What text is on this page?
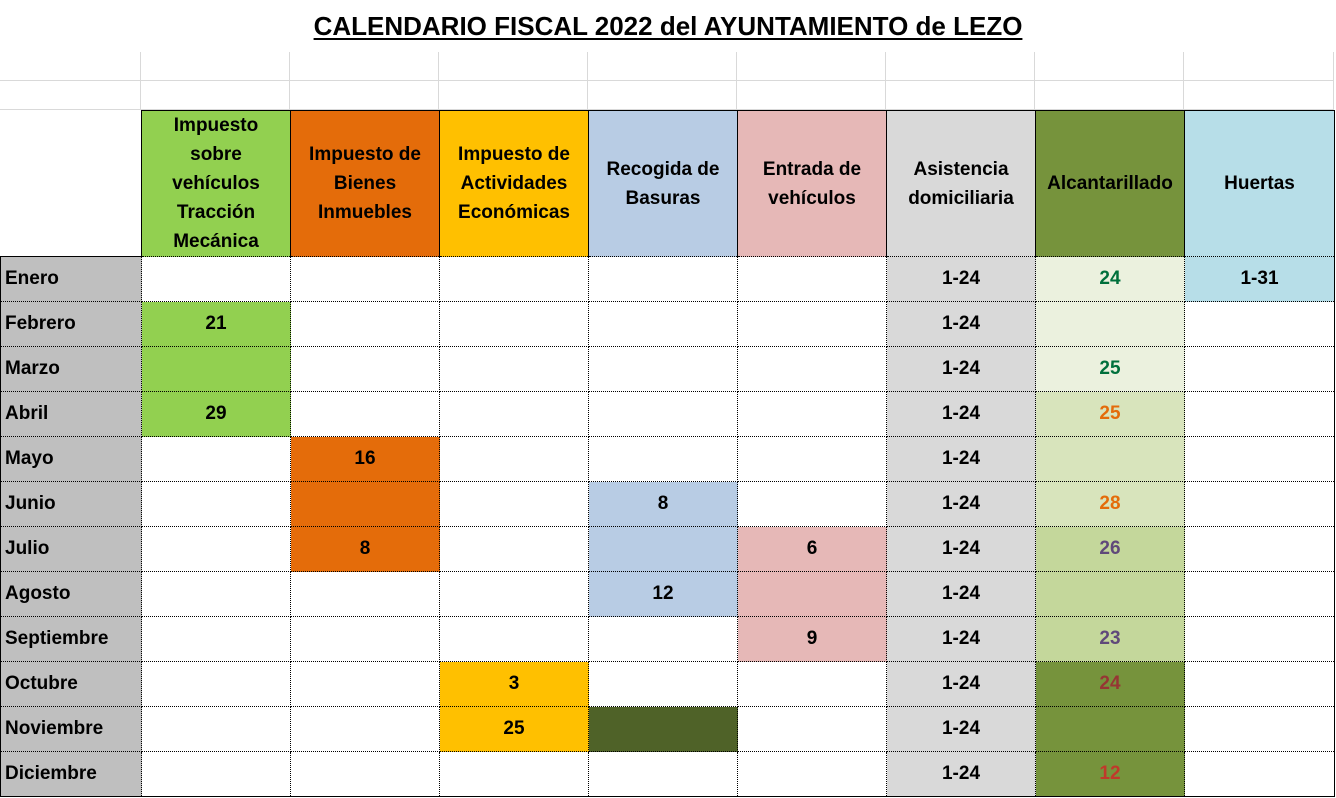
CALENDARIO FISCAL 2022 del AYUNTAMIENTO de LEZO
	Impuesto sobre vehículos Tracción Mecánica	Impuesto de Bienes Inmuebles	Impuesto de Actividades Económicas	Recogida de Basuras	Entrada de vehículos	Asistencia domiciliaria	Alcantarillado	Huertas
Enero						1-24	24	1-31
Febrero	21					1-24		
Marzo						1-24	25	
Abril	29					1-24	25	
Mayo		16				1-24		
Junio				8		1-24	28	
Julio		8			6	1-24	26	
Agosto				12		1-24		
Septiembre					9	1-24	23	
Octubre			3			1-24	24	
Noviembre			25			1-24		
Diciembre						1-24	12	
